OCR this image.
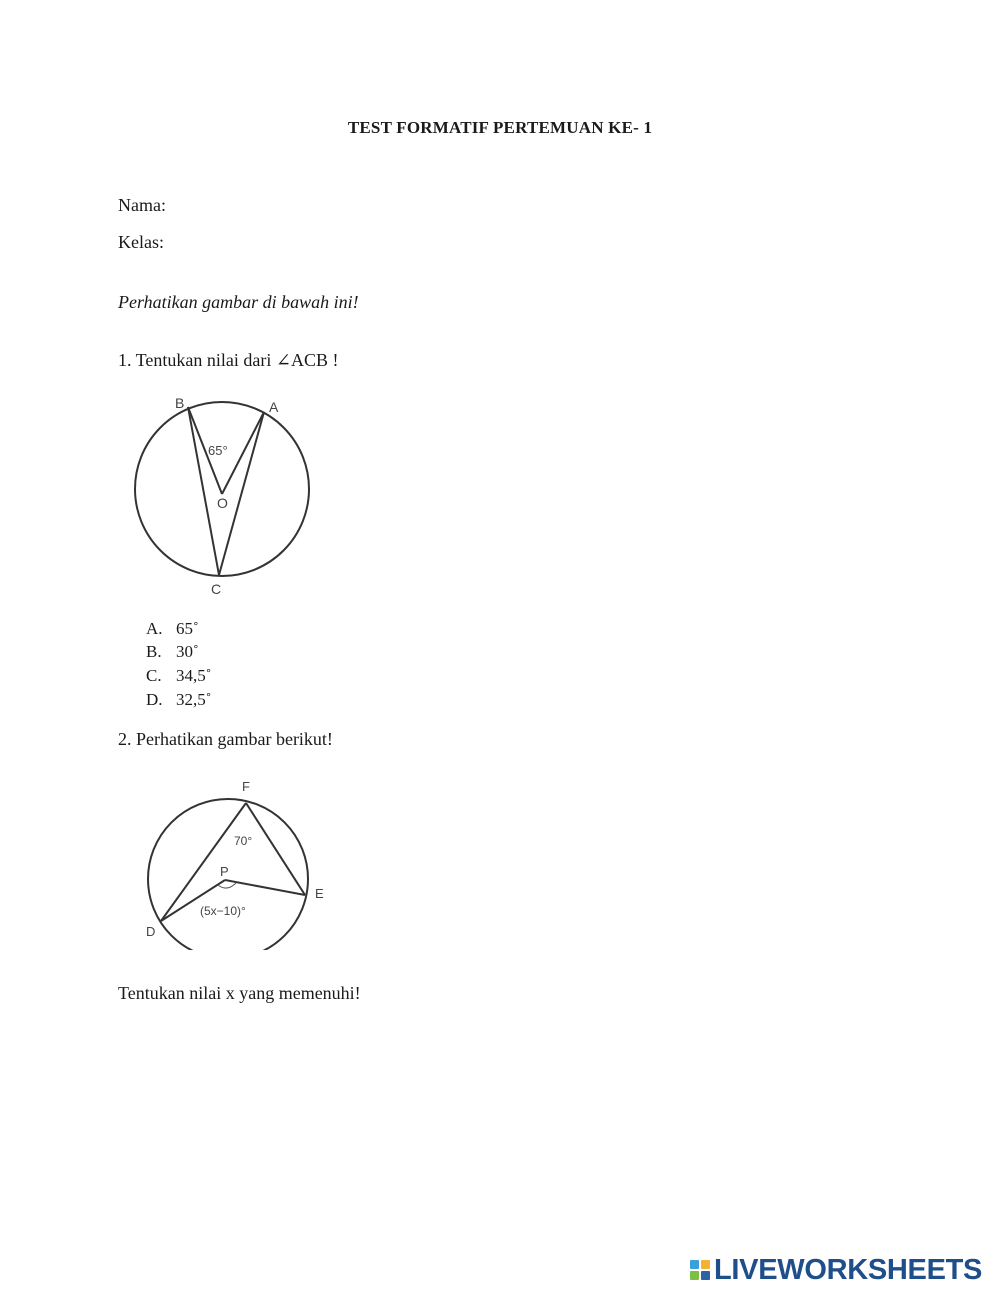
TEST FORMATIF PERTEMUAN KE- 1
Nama:
Kelas:
Perhatikan gambar di bawah ini!
1. Tentukan nilai dari ∠ACB !
B	A
O
C
65°
A. 65˚
B. 30˚
C. 34,5˚
D. 32,5˚
2. Perhatikan gambar berikut!
F
P
E
D
70°
(5x−10)°
Tentukan nilai x yang memenuhi!
LIVEWORKSHEETS
